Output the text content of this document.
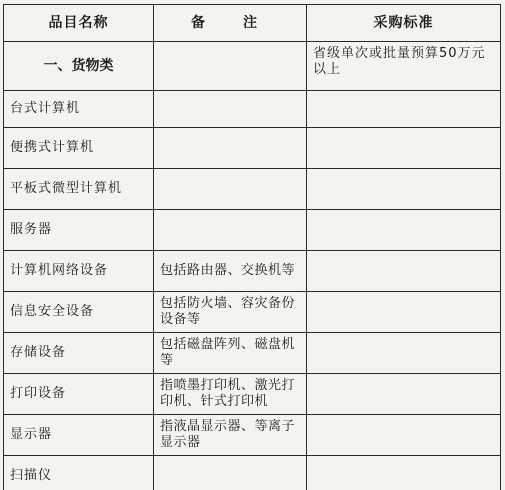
品目名称	备　注	采购标准
一、货物类		省级单次或批量预算50万元以上
台式计算机		
便携式计算机		
平板式微型计算机		
服务器		
计算机网络设备	包括路由器、交换机等	
信息安全设备	包括防火墙、容灾备份设备等	
存储设备	包括磁盘阵列、磁盘机等	
打印设备	指喷墨打印机、激光打印机、针式打印机	
显示器	指液晶显示器、等离子显示器	
扫描仪		
